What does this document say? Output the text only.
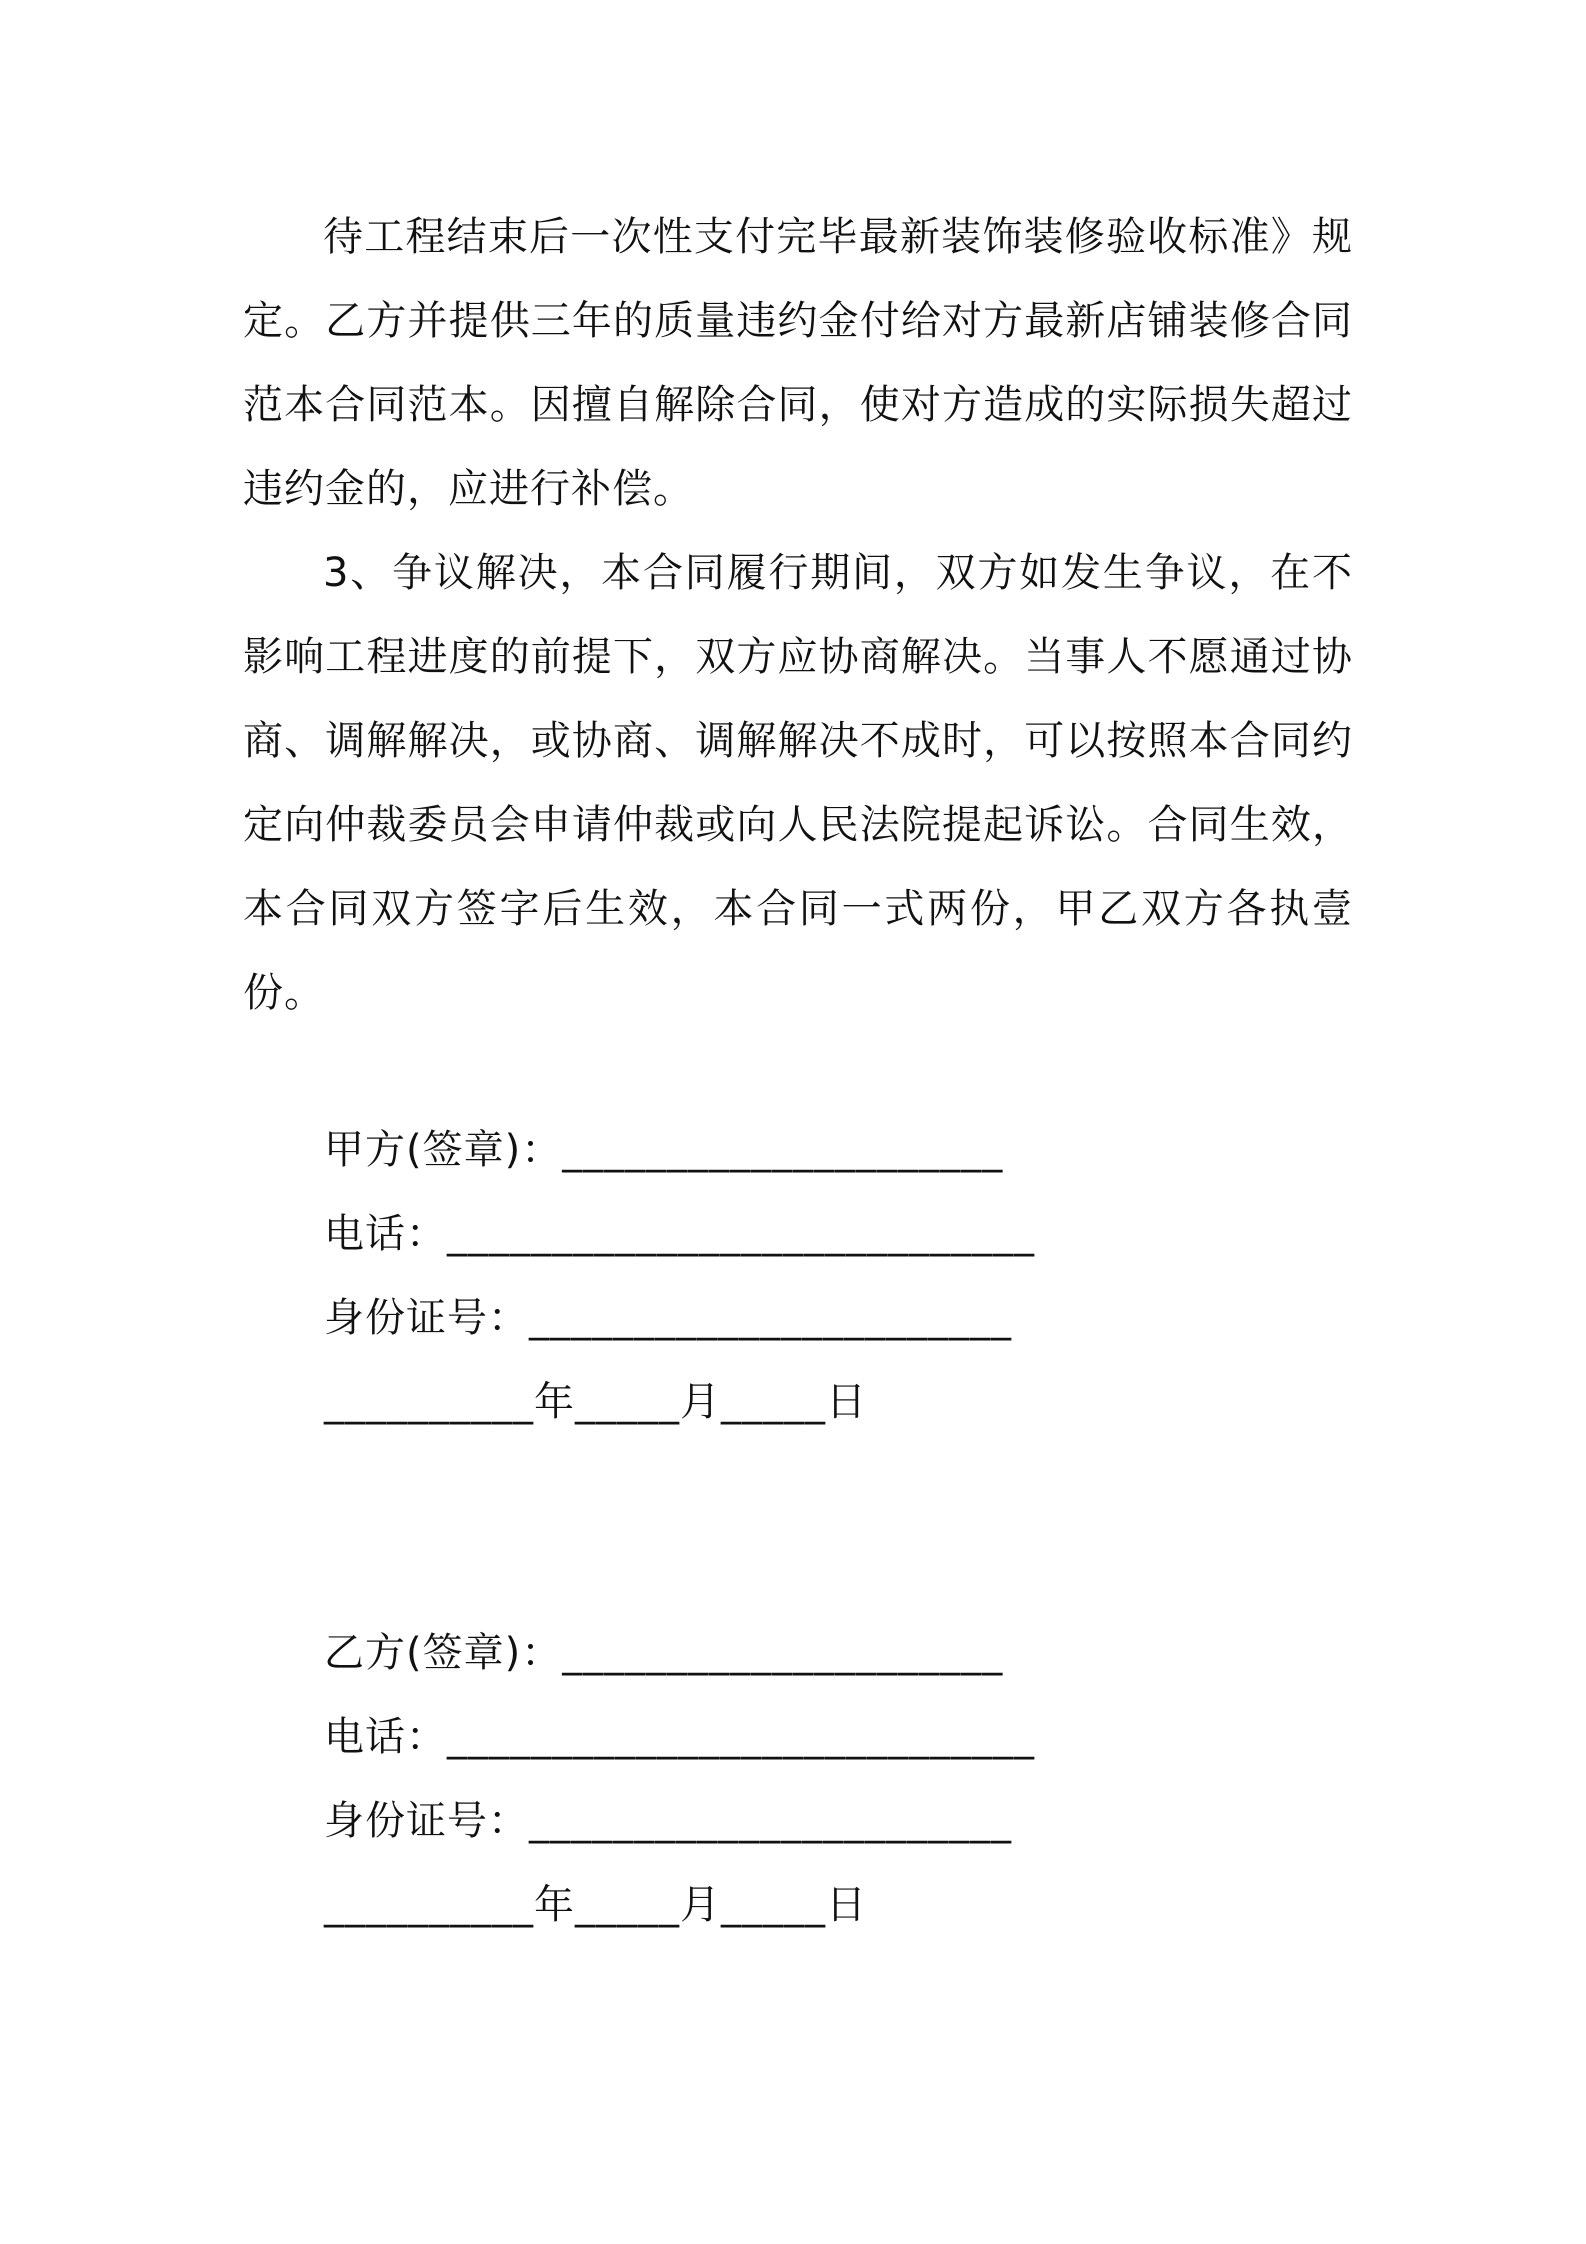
待工程结束后一次性支付完毕最新装饰装修验收标准》规定。乙方并提供三年的质量违约金付给对方最新店铺装修合同范本合同范本。因擅自解除合同，使对方造成的实际损失超过违约金的，应进行补偿。

3、争议解决，本合同履行期间，双方如发生争议，在不影响工程进度的前提下，双方应协商解决。当事人不愿通过协商、调解解决，或协商、调解解决不成时，可以按照本合同约定向仲裁委员会申请仲裁或向人民法院提起诉讼。合同生效，本合同双方签字后生效，本合同一式两份，甲乙双方各执壹份。

甲方(签章)：_____________________

电话：____________________________

身份证号：_______________________

__________年_____月_____日

乙方(签章)：_____________________

电话：____________________________

身份证号：_______________________

__________年_____月_____日
